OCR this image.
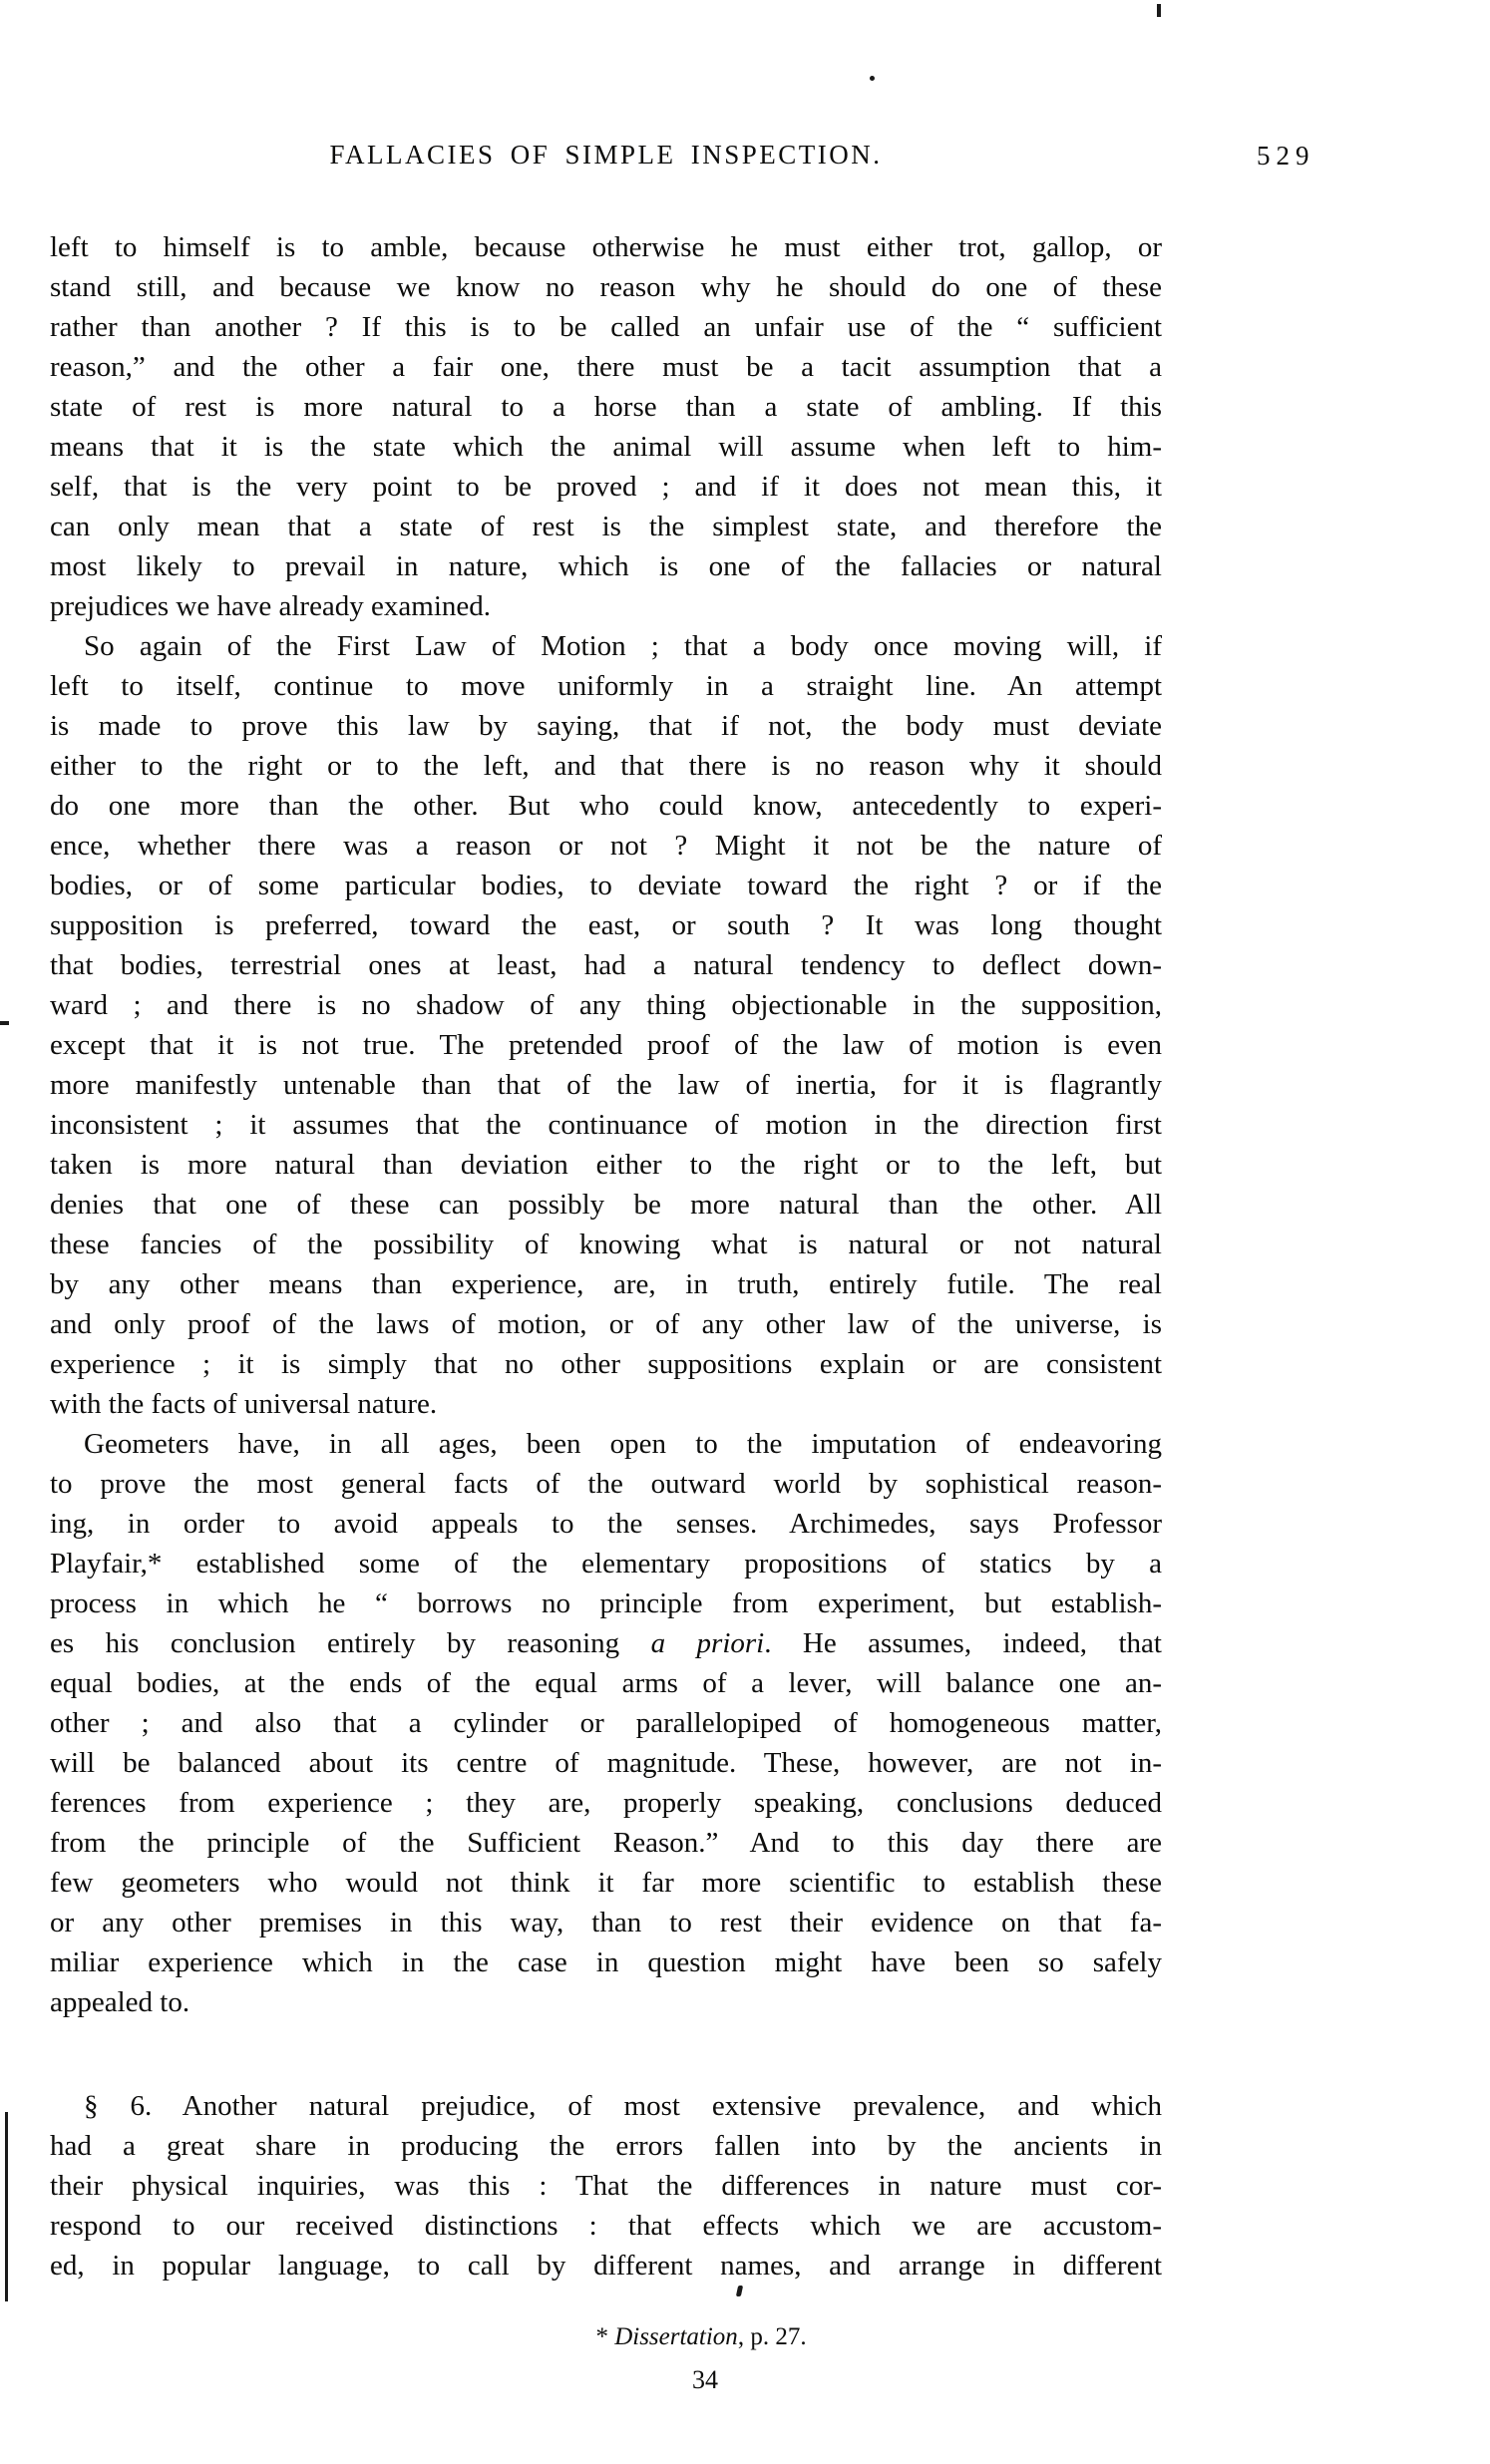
FALLACIES OF SIMPLE INSPECTION.	529
left to himself is to amble, because otherwise he must either trot, gallop, or
stand still, and because we know no reason why he should do one of these
rather than another ? If this is to be called an unfair use of the “ sufficient
reason,” and the other a fair one, there must be a tacit assumption that a
state of rest is more natural to a horse than a state of ambling. If this
means that it is the state which the animal will assume when left to him-
self, that is the very point to be proved ; and if it does not mean this, it
can only mean that a state of rest is the simplest state, and therefore the
most likely to prevail in nature, which is one of the fallacies or natural
prejudices we have already examined.
So again of the First Law of Motion ; that a body once moving will, if
left to itself, continue to move uniformly in a straight line. An attempt
is made to prove this law by saying, that if not, the body must deviate
either to the right or to the left, and that there is no reason why it should
do one more than the other. But who could know, antecedently to experi-
ence, whether there was a reason or not ? Might it not be the nature of
bodies, or of some particular bodies, to deviate toward the right ? or if the
supposition is preferred, toward the east, or south ? It was long thought
that bodies, terrestrial ones at least, had a natural tendency to deflect down-
ward ; and there is no shadow of any thing objectionable in the supposition,
except that it is not true. The pretended proof of the law of motion is even
more manifestly untenable than that of the law of inertia, for it is flagrantly
inconsistent ; it assumes that the continuance of motion in the direction first
taken is more natural than deviation either to the right or to the left, but
denies that one of these can possibly be more natural than the other. All
these fancies of the possibility of knowing what is natural or not natural
by any other means than experience, are, in truth, entirely futile. The real
and only proof of the laws of motion, or of any other law of the universe, is
experience ; it is simply that no other suppositions explain or are consistent
with the facts of universal nature.
Geometers have, in all ages, been open to the imputation of endeavoring
to prove the most general facts of the outward world by sophistical reason-
ing, in order to avoid appeals to the senses. Archimedes, says Professor
Playfair,* established some of the elementary propositions of statics by a
process in which he “ borrows no principle from experiment, but establish-
es his conclusion entirely by reasoning a priori. He assumes, indeed, that
equal bodies, at the ends of the equal arms of a lever, will balance one an-
other ; and also that a cylinder or parallelopiped of homogeneous matter,
will be balanced about its centre of magnitude. These, however, are not in-
ferences from experience ; they are, properly speaking, conclusions deduced
from the principle of the Sufficient Reason.” And to this day there are
few geometers who would not think it far more scientific to establish these
or any other premises in this way, than to rest their evidence on that fa-
miliar experience which in the case in question might have been so safely
appealed to.
§ 6. Another natural prejudice, of most extensive prevalence, and which
had a great share in producing the errors fallen into by the ancients in
their physical inquiries, was this : That the differences in nature must cor-
respond to our received distinctions : that effects which we are accustom-
ed, in popular language, to call by different names, and arrange in different
* Dissertation, p. 27.
34
